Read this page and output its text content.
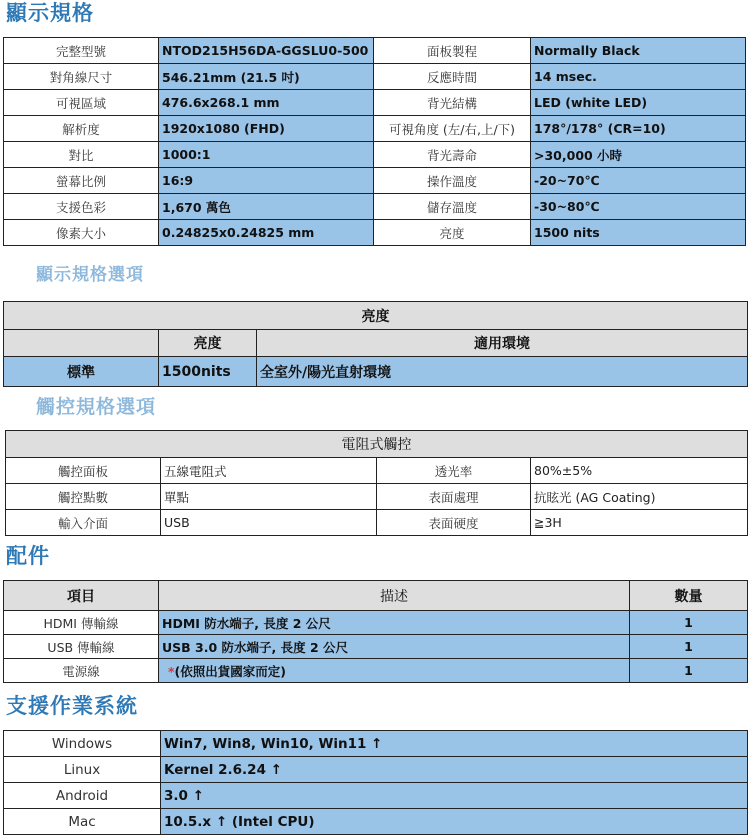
顯示規格
完整型號	NTOD215H56DA-GGSLU0-500	面板製程	Normally Black
對角線尺寸	546.21mm (21.5 吋)	反應時間	14 msec.
可視區域	476.6x268.1 mm	背光結構	LED (white LED)
解析度	1920x1080 (FHD)	可視角度 (左/右,上/下)	178°/178° (CR=10)
對比	1000:1	背光壽命	>30,000 小時
螢幕比例	16:9	操作溫度	-20~70℃
支援色彩	1,670 萬色	儲存溫度	-30~80℃
像素大小	0.24825x0.24825 mm	亮度	1500 nits
顯示規格選項
亮度		
	亮度	適用環境
標準	1500nits	全室外/陽光直射環境
觸控規格選項
電阻式觸控			
觸控面板	五線電阻式	透光率	80%±5%
觸控點數	單點	表面處理	抗眩光 (AG Coating)
輸入介面	USB	表面硬度	≧3H
配件
項目	描述	數量
HDMI 傳輸線	HDMI 防水端子, 長度 2 公尺	1
USB 傳輸線	USB 3.0 防水端子, 長度 2 公尺	1
電源線	*(依照出貨國家而定)	1
支援作業系統
Windows	Win7, Win8, Win10, Win11 ↑
Linux	Kernel 2.6.24 ↑
Android	3.0 ↑
Mac	10.5.x ↑ (Intel CPU)
